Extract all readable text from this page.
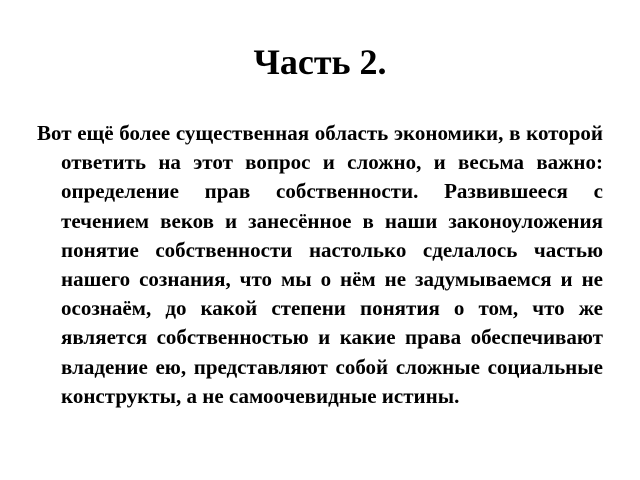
Часть 2.

Вот ещё более существенная область экономики, в которой ответить на этот вопрос и сложно, и весьма важно: определение прав собственности. Развившееся с течением веков и занесённое в наши законоуложения понятие собственности настолько сделалось частью нашего сознания, что мы о нём не задумываемся и не осознаём, до какой степени понятия о том, что же является собственностью и какие права обеспечивают владение ею, представляют собой сложные социальные конструкты, а не самоочевидные истины.
